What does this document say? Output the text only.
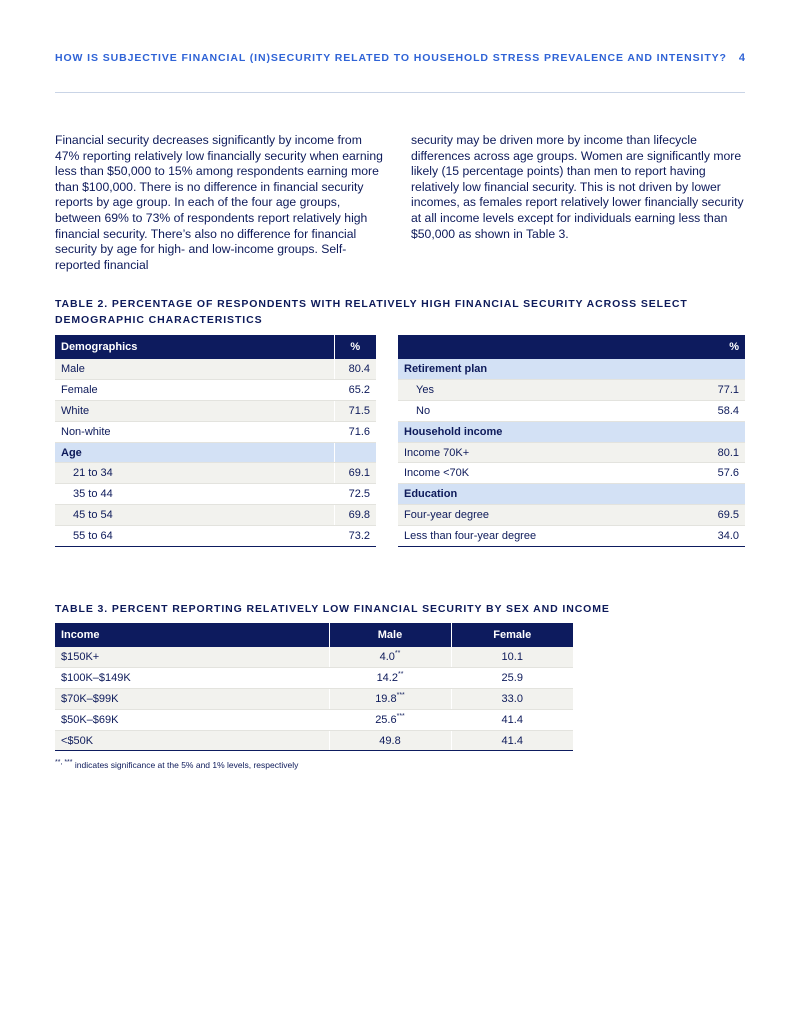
HOW IS SUBJECTIVE FINANCIAL (IN)SECURITY RELATED TO HOUSEHOLD STRESS PREVALENCE AND INTENSITY? 4

Financial security decreases significantly by income from 47% reporting relatively low financially security when earning less than $50,000 to 15% among respondents earning more than $100,000. There is no difference in financial security reports by age group. In each of the four age groups, between 69% to 73% of respondents report relatively high financial security. There’s also no difference for financial security by age for high- and low-income groups. Self-reported financial

security may be driven more by income than lifecycle differences across age groups. Women are significantly more likely (15 percentage points) than men to report having relatively low financial security. This is not driven by lower incomes, as females report relatively lower financially security at all income levels except for individuals earning less than $50,000 as shown in Table 3.

TABLE 2. PERCENTAGE OF RESPONDENTS WITH RELATIVELY HIGH FINANCIAL SECURITY ACROSS SELECT DEMOGRAPHIC CHARACTERISTICS
Demographics	%
Male	80.4
Female	65.2
White	71.5
Non-white	71.6
Age	
21 to 34	69.1
35 to 44	72.5
45 to 54	69.8
55 to 64	73.2
	%
Retirement plan	
Yes	77.1
No	58.4
Household income	
Income 70K+	80.1
Income <70K	57.6
Education	
Four-year degree	69.5
Less than four-year degree	34.0
TABLE 3. PERCENT REPORTING RELATIVELY LOW FINANCIAL SECURITY BY SEX AND INCOME
Income	Male	Female
$150K+	4.0**	10.1
$100K–$149K	14.2**	25.9
$70K–$99K	19.8***	33.0
$50K–$69K	25.6***	41.4
<$50K	49.8	41.4
**, *** indicates significance at the 5% and 1% levels, respectively
